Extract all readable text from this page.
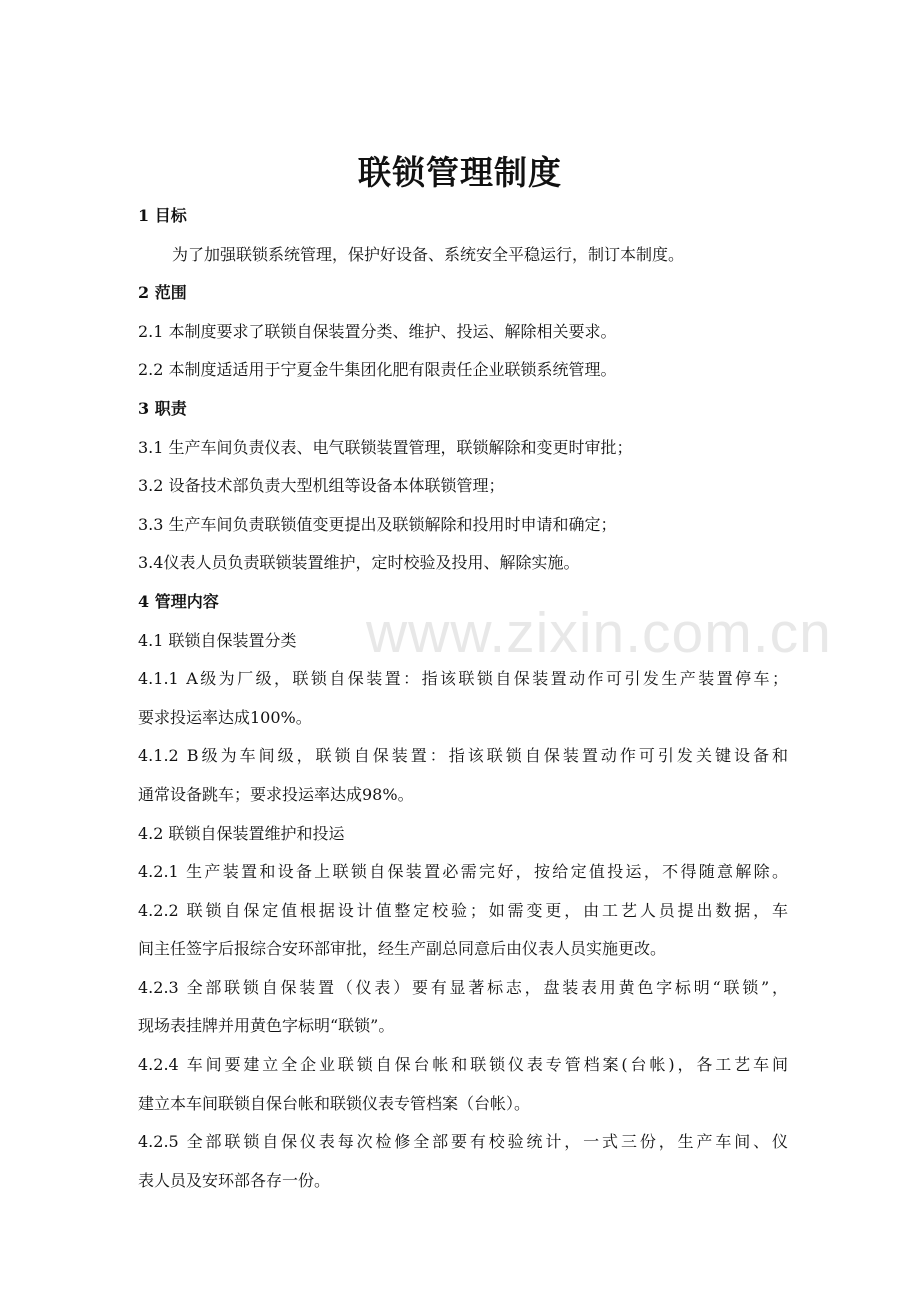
www.zixin.com.cn
联锁管理制度
1 目标
为了加强联锁系统管理，保护好设备、系统安全平稳运行，制订本制度。
2 范围
2.1 本制度要求了联锁自保装置分类、维护、投运、解除相关要求。
2.2 本制度适适用于宁夏金牛集团化肥有限责任企业联锁系统管理。
3 职责
3.1 生产车间负责仪表、电气联锁装置管理，联锁解除和变更时审批；
3.2 设备技术部负责大型机组等设备本体联锁管理；
3.3 生产车间负责联锁值变更提出及联锁解除和投用时申请和确定；
3.4仪表人员负责联锁装置维护，定时校验及投用、解除实施。
4 管理内容
4.1 联锁自保装置分类
4.1.1 A级为厂级，联锁自保装置：指该联锁自保装置动作可引发生产装置停车；
要求投运率达成100%。
4.1.2 B级为车间级，联锁自保装置：指该联锁自保装置动作可引发关键设备和
通常设备跳车；要求投运率达成98%。
4.2 联锁自保装置维护和投运
4.2.1 生产装置和设备上联锁自保装置必需完好，按给定值投运，不得随意解除。
4.2.2 联锁自保定值根据设计值整定校验；如需变更，由工艺人员提出数据，车
间主任签字后报综合安环部审批，经生产副总同意后由仪表人员实施更改。
4.2.3 全部联锁自保装置（仪表）要有显著标志，盘装表用黄色字标明“联锁”，
现场表挂牌并用黄色字标明“联锁”。
4.2.4 车间要建立全企业联锁自保台帐和联锁仪表专管档案(台帐)，各工艺车间
建立本车间联锁自保台帐和联锁仪表专管档案（台帐）。
4.2.5 全部联锁自保仪表每次检修全部要有校验统计，一式三份，生产车间、仪
表人员及安环部各存一份。
